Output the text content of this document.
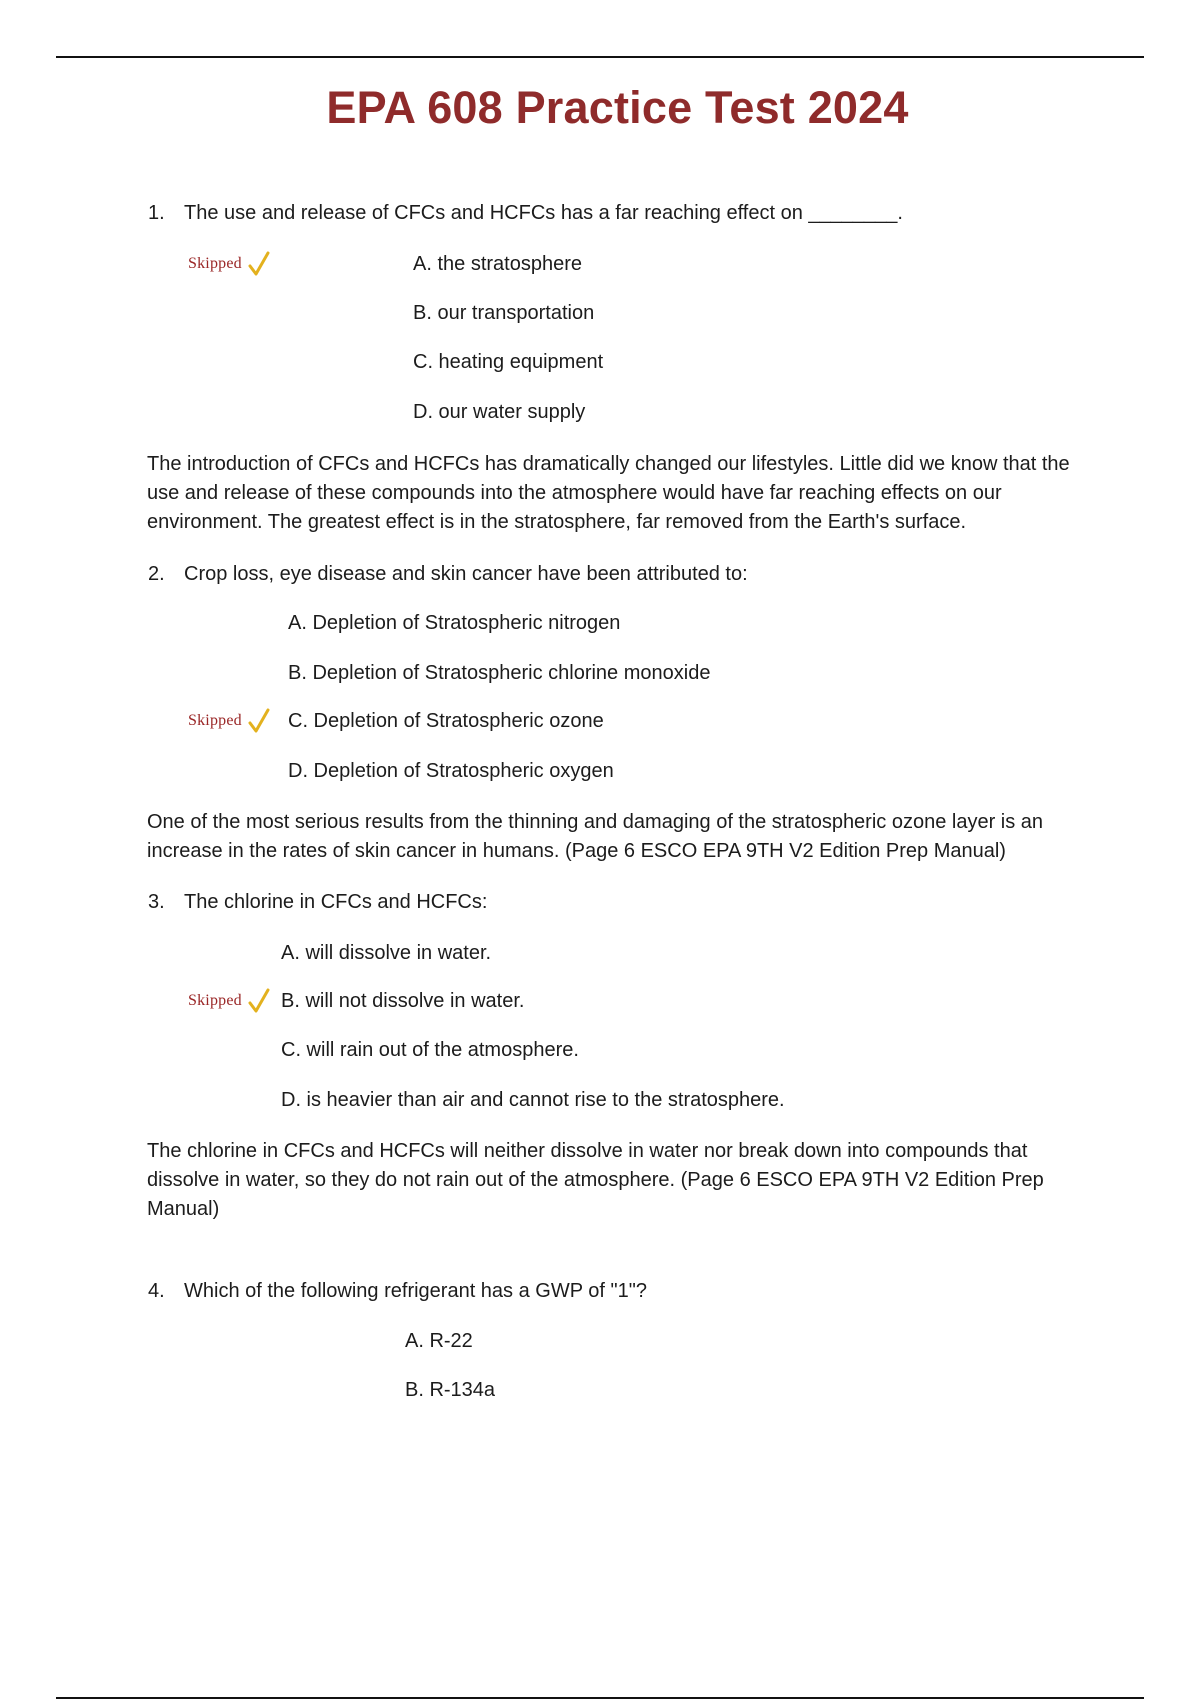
EPA 608 Practice Test 2024
1. The use and release of CFCs and HCFCs has a far reaching effect on ________.
Skipped	A. the stratosphere
B. our transportation
C. heating equipment
D. our water supply
The introduction of CFCs and HCFCs has dramatically changed our lifestyles. Little did we know that the use and release of these compounds into the atmosphere would have far reaching effects on our environment. The greatest effect is in the stratosphere, far removed from the Earth's surface.
2. Crop loss, eye disease and skin cancer have been attributed to:
A. Depletion of Stratospheric nitrogen
B. Depletion of Stratospheric chlorine monoxide
Skipped C. Depletion of Stratospheric ozone
D. Depletion of Stratospheric oxygen
One of the most serious results from the thinning and damaging of the stratospheric ozone layer is an increase in the rates of skin cancer in humans. (Page 6 ESCO EPA 9TH V2 Edition Prep Manual)
3. The chlorine in CFCs and HCFCs:
A. will dissolve in water.
Skipped B. will not dissolve in water.
C. will rain out of the atmosphere.
D. is heavier than air and cannot rise to the stratosphere.
The chlorine in CFCs and HCFCs will neither dissolve in water nor break down into compounds that dissolve in water, so they do not rain out of the atmosphere. (Page 6 ESCO EPA 9TH V2 Edition Prep Manual)
4. Which of the following refrigerant has a GWP of "1"?
A. R-22
B. R-134a
